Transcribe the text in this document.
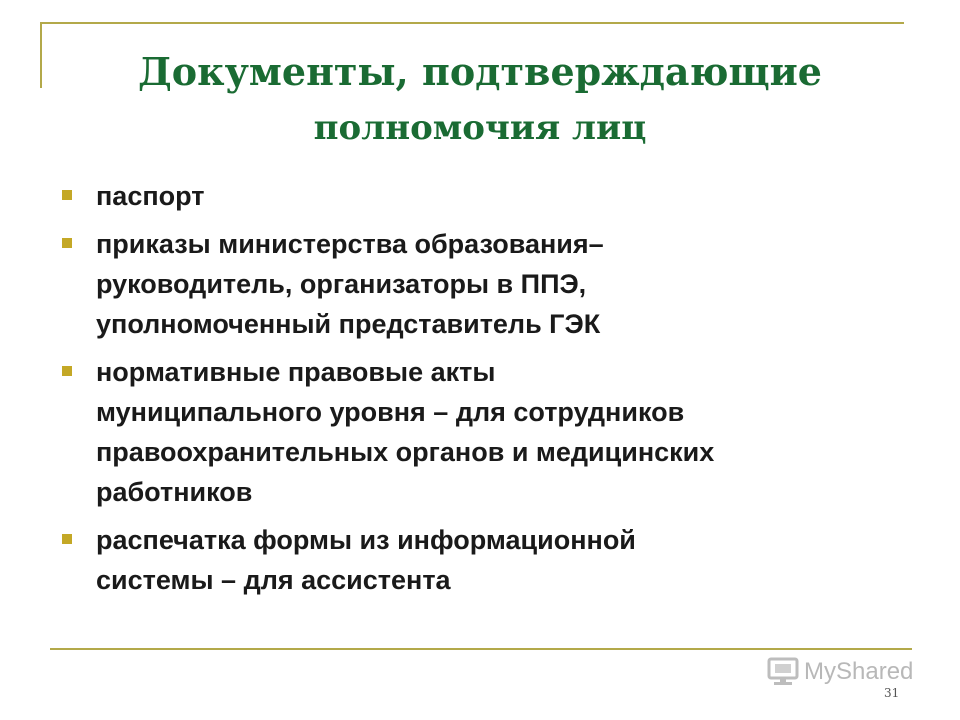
Документы, подтверждающие
полномочия лиц
паспорт
приказы министерства образования–
руководитель, организаторы в ППЭ,
уполномоченный представитель ГЭК
нормативные правовые акты
муниципального уровня – для сотрудников
правоохранительных органов и медицинских
работников
распечатка формы из информационной
системы – для ассистента
MyShared
31
